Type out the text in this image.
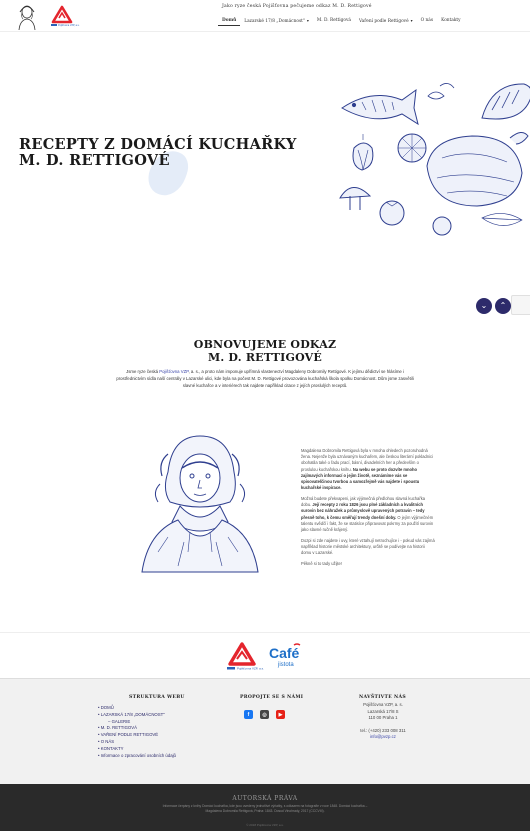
Pojišťovna VZP, a.s.
Jako ryze česká Pojišťovna pečujeme odkaz M. D. Rettigové
Domů	Lazarské 17/8 „Domácnost" ▾	M. D. Rettigová	Vaření podle Rettigové ▾	O nás	Kontakty
RECEPTY Z DOMÁCÍ KUCHAŘKY
M. D. RETTIGOVÉ
⌄ ⌃
OBNOVUJEME ODKAZ
M. D. RETTIGOVÉ

Jsme ryze česká Pojišťovna VZP, a. s., a proto nám imponuje upřímná vlastenectví Magdaleny Dobromily Rettigové. K jejímu dědictví se hlásíme i prostřednictvím sídla naší centrály v Lazarské ulici, kde byla na počest M. D. Rettigové provozována kuchařská škola spolku Domácnost. Dům jsme zasvětili slavné kuchařce a v interiérech tak najdete například citace z jejích proslulých receptů.

Magdalena Dobromila Rettigová byla v mnoha ohledech pozoruhodná žena. Nejenže byla uznávaným kuchařem, ale českou literární pokladnici obohatila také o řadu prací, básní, divadelních her a především o proslulou kuchařskou knihu. Na webu se proto dozvíte mnoho zajímavých informací o jejím životě, seznámíme vás se spisovatelčinou tvorbou a samozřejmě vás najdete i spoustu kuchařské inspirace.

Možná budete překvapeni, jak výjimečná předlohou slavná kuchařka dobu. Její recepty z roku 1826 jsou plné základních a kvalitních surovin bez náhražek a průmyslově upravených potravin – tedy přesně toho, k čemu směřují trendy dnešní doby. O jejím výjimečném talentu svědčí i fakt, že se statisíce připravovat pokrmy za použití surovin jako slavné ručně krájený.

Dozpi si zde najdete i uvy, které vztahují netrochujíce i - pokud vás zajímá například historie městské architektury, určitě se podívejte na historii domu v Lazarské.

Pěkně si to tady užijte!

Pojišťovna VZP, a.s.
Café
jistota
STRUKTURA WEBU
• DOMŮ
• LAZARSKÁ 17/8 „DOMÁCNOST"
– GALERIE
• M. D. RETTIGOVÁ
• VAŘENÍ PODLE RETTIGOVÉ
• O NÁS
• KONTAKTY
• Informace o zpracování osobních údajů
PROPOJTE SE S NÁMI	NAVŠTIVTE NÁS
f	◎	▶
Pojišťovna VZP, a. s.
Lazarská 17/8 S
110 00 Praha 1
tel.: (+420) 233 008 311
info@pvzp.cz
AUTORSKÁ PRÁVA
Informace čerpány z knihy Domácí kuchařka, kde jsou uvedeny jednotlivé výňatky, s odkazem na fotografie v roce 1848. Domácí kuchařka – Magdalena Dobromila Rettigová, Praha: 1843. Dosud Vinohrady, 2017 (CCCVIII).
© 2018 Pojišťovna VZP, a.s.
